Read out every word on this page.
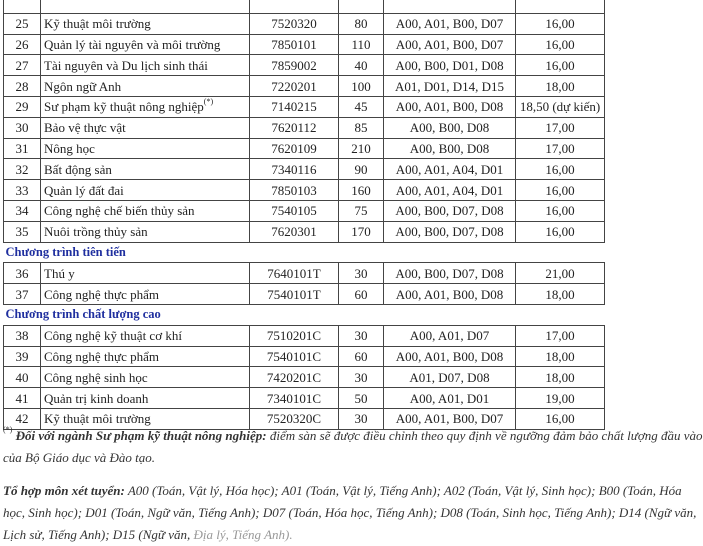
25	Kỹ thuật môi trường	7520320	80	A00, A01, B00, D07	16,00
26	Quản lý tài nguyên và môi trường	7850101	110	A00, A01, B00, D07	16,00
27	Tài nguyên và Du lịch sinh thái	7859002	40	A00, B00, D01, D08	16,00
28	Ngôn ngữ Anh	7220201	100	A01, D01, D14, D15	18,00
29	Sư phạm kỹ thuật nông nghiệp(*)	7140215	45	A00, A01, B00, D08	18,50 (dự kiến)
30	Bảo vệ thực vật	7620112	85	A00, B00, D08	17,00
31	Nông học	7620109	210	A00, B00, D08	17,00
32	Bất động sản	7340116	90	A00, A01, A04, D01	16,00
33	Quản lý đất đai	7850103	160	A00, A01, A04, D01	16,00
34	Công nghệ chế biến thủy sản	7540105	75	A00, B00, D07, D08	16,00
35	Nuôi trồng thủy sản	7620301	170	A00, B00, D07, D08	16,00
Chương trình tiên tiến					
36	Thú y	7640101T	30	A00, B00, D07, D08	21,00
37	Công nghệ thực phẩm	7540101T	60	A00, A01, B00, D08	18,00
Chương trình chất lượng cao					
38	Công nghệ kỹ thuật cơ khí	7510201C	30	A00, A01, D07	17,00
39	Công nghệ thực phẩm	7540101C	60	A00, A01, B00, D08	18,00
40	Công nghệ sinh học	7420201C	30	A01, D07, D08	18,00
41	Quản trị kinh doanh	7340101C	50	A00, A01, D01	19,00
42	Kỹ thuật môi trường	7520320C	30	A00, A01, B00, D07	16,00
(*) Đối với ngành Sư phạm kỹ thuật nông nghiệp: điểm sàn sẽ được điều chỉnh theo quy định về ngưỡng đảm bảo chất lượng đầu vào của Bộ Giáo dục và Đào tạo.
Tổ hợp môn xét tuyển: A00 (Toán, Vật lý, Hóa học); A01 (Toán, Vật lý, Tiếng Anh); A02 (Toán, Vật lý, Sinh học); B00 (Toán, Hóa học, Sinh học); D01 (Toán, Ngữ văn, Tiếng Anh); D07 (Toán, Hóa học, Tiếng Anh); D08 (Toán, Sinh học, Tiếng Anh); D14 (Ngữ văn, Lịch sử, Tiếng Anh); D15 (Ngữ văn, Địa lý, Tiếng Anh).
